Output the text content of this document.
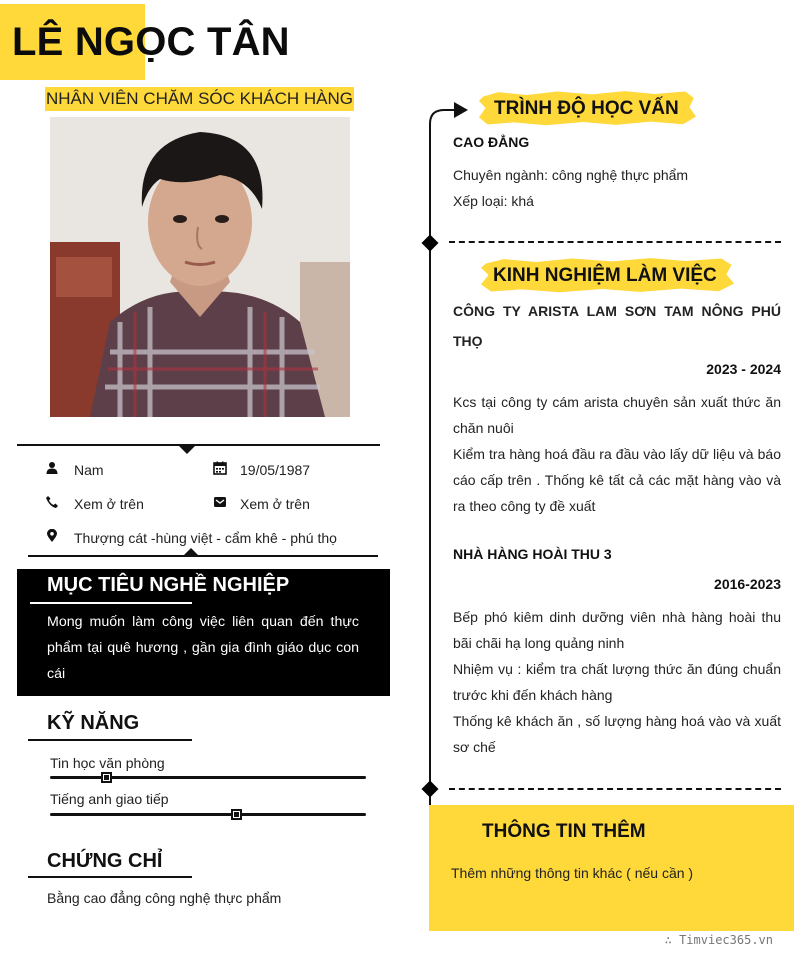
LÊ NGỌC TÂN
NHÂN VIÊN CHĂM SÓC KHÁCH HÀNG
Nam	19/05/1987
Xem ở trên	Xem ở trên
Thượng cát -hùng việt - cẩm khê - phú thọ
MỤC TIÊU NGHỀ NGHIỆP
Mong muốn làm công việc liên quan đến thực phẩm tại quê hương , gần gia đình giáo dục con cái
KỸ NĂNG
Tin học văn phòng
Tiếng anh giao tiếp
CHỨNG CHỈ
Bằng cao đẳng công nghệ thực phẩm
TRÌNH ĐỘ HỌC VẤN
CAO ĐẲNG
Chuyên ngành: công nghệ thực phẩm
Xếp loại: khá
KINH NGHIỆM LÀM VIỆC
CÔNG TY ARISTA LAM SƠN TAM NÔNG PHÚ THỌ
2023 - 2024
Kcs tại công ty cám arista chuyên sản xuất thức ăn chăn nuôi
Kiểm tra hàng hoá đầu ra đầu vào lấy dữ liệu và báo cáo cấp trên . Thống kê tất cả các mặt hàng vào và ra theo công ty đề xuất
NHÀ HÀNG HOÀI THU 3
2016-2023
Bếp phó kiêm dinh dưỡng viên nhà hàng hoài thu bãi chãi hạ long quảng ninh
Nhiệm vụ : kiểm tra chất lượng thức ăn đúng chuẩn trước khi đến khách hàng
Thống kê khách ăn , số lượng hàng hoá vào và xuất sơ chế
THÔNG TIN THÊM
Thêm những thông tin khác ( nếu cần )
∴ Timviec365.vn
